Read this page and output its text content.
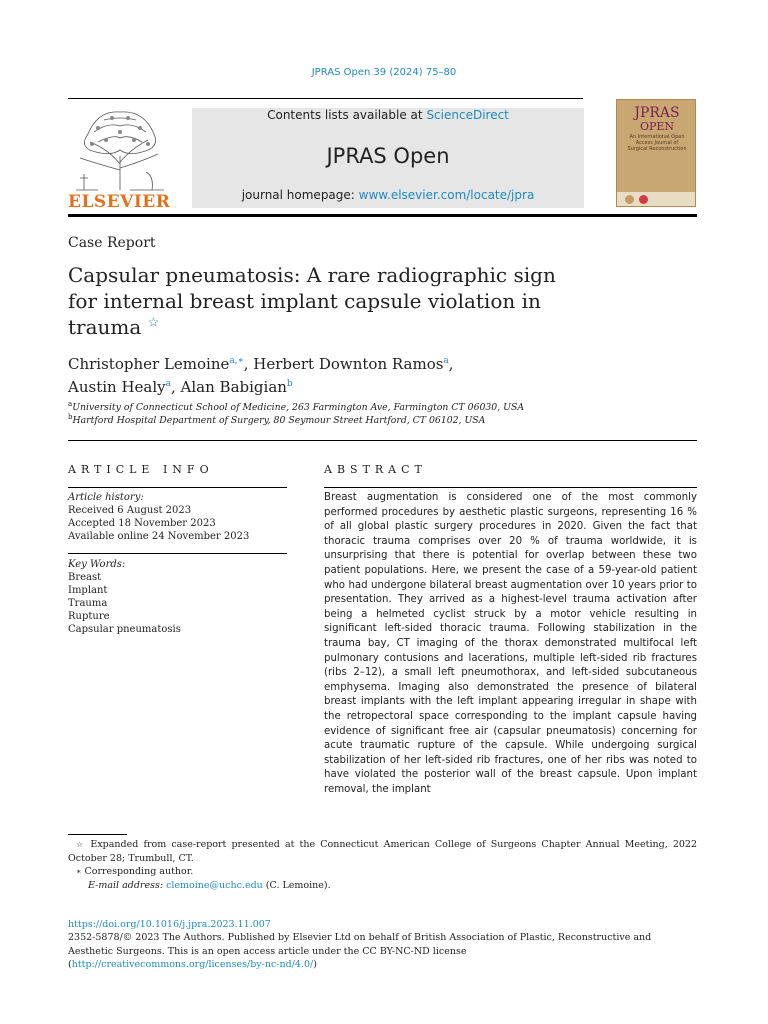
JPRAS Open 39 (2024) 75–80
ELSEVIER
Contents lists available at ScienceDirect
JPRAS Open
journal homepage: www.elsevier.com/locate/jpra
JPRAS
OPEN
An International Open Access Journal of Surgical Reconstruction
Case Report
Capsular pneumatosis: A rare radiographic sign for internal breast implant capsule violation in trauma ☆
Christopher Lemoine$^{a,∗}$, Herbert Downton Ramos$^a$,
Austin Healy$^a$, Alan Babigian$^b$
$^a$University of Connecticut School of Medicine, 263 Farmington Ave, Farmington CT 06030, USA
$^b$Hartford Hospital Department of Surgery, 80 Seymour Street Hartford, CT 06102, USA
ARTICLE INFO	ABSTRACT
Article history:
Received 6 August 2023
Accepted 18 November 2023
Available online 24 November 2023
Key Words:
Breast
Implant
Trauma
Rupture
Capsular pneumatosis
Breast augmentation is considered one of the most commonly performed procedures by aesthetic plastic surgeons, representing 16 % of all global plastic surgery procedures in 2020. Given the fact that thoracic trauma comprises over 20 % of trauma worldwide, it is unsurprising that there is potential for overlap between these two patient populations. Here, we present the case of a 59-year-old patient who had undergone bilateral breast augmentation over 10 years prior to presentation. They arrived as a highest-level trauma activation after being a helmeted cyclist struck by a motor vehicle resulting in significant left-sided thoracic trauma. Following stabilization in the trauma bay, CT imaging of the thorax demonstrated multifocal left pulmonary contusions and lacerations, multiple left-sided rib fractures (ribs 2–12), a small left pneumothorax, and left-sided subcutaneous emphysema. Imaging also demonstrated the presence of bilateral breast implants with the left implant appearing irregular in shape with the retropectoral space corresponding to the implant capsule having evidence of significant free air (capsular pneumatosis) concerning for acute traumatic rupture of the capsule. While undergoing surgical stabilization of her left-sided rib fractures, one of her ribs was noted to have violated the posterior wall of the breast capsule. Upon implant removal, the implant
☆ Expanded from case-report presented at the Connecticut American College of Surgeons Chapter Annual Meeting, 2022 October 28; Trumbull, CT.
∗ Corresponding author.
E-mail address: clemoine@uchc.edu (C. Lemoine).
https://doi.org/10.1016/j.jpra.2023.11.007
2352-5878/© 2023 The Authors. Published by Elsevier Ltd on behalf of British Association of Plastic, Reconstructive and Aesthetic Surgeons. This is an open access article under the CC BY-NC-ND license
(http://creativecommons.org/licenses/by-nc-nd/4.0/)
